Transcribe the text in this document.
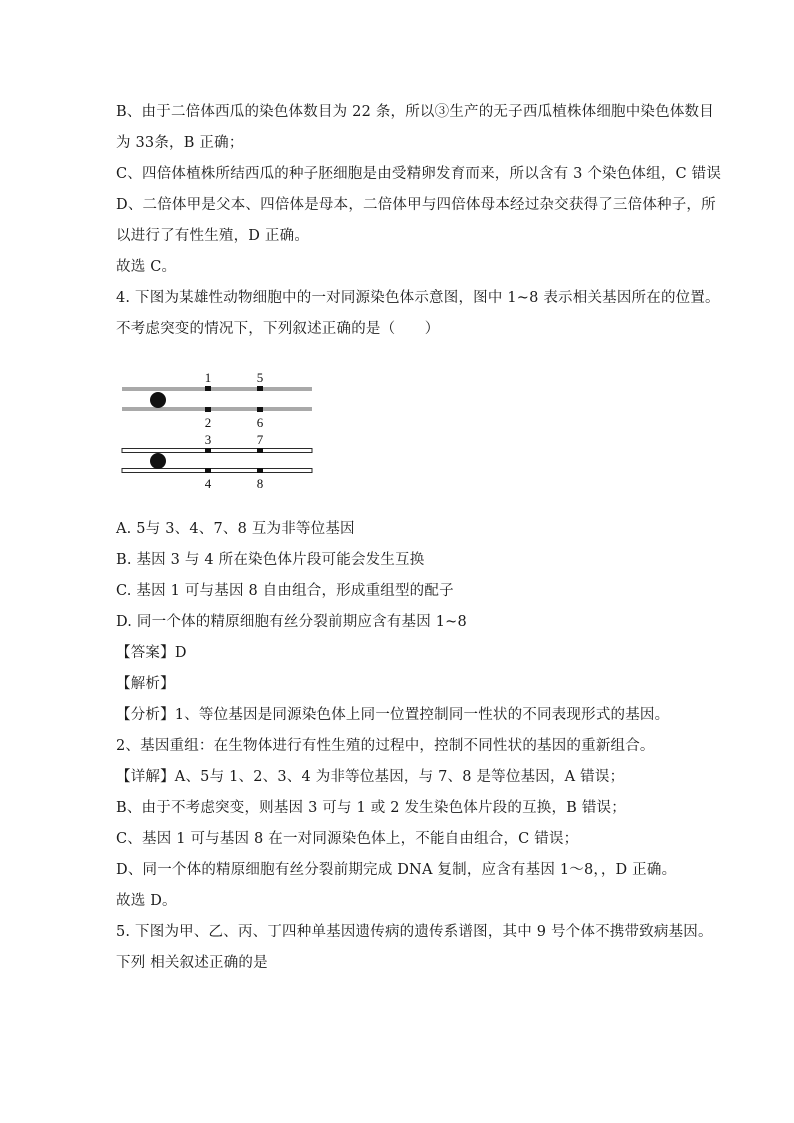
B、由于二倍体西瓜的染色体数目为 22 条，所以③生产的无子西瓜植株体细胞中染色体数目
为 33条，B 正确；
C、四倍体植株所结西瓜的种子胚细胞是由受精卵发育而来，所以含有 3 个染色体组，C 错误
D、二倍体甲是父本、四倍体是母本，二倍体甲与四倍体母本经过杂交获得了三倍体种子，所
以进行了有性生殖，D 正确。
故选 C。
4. 下图为某雄性动物细胞中的一对同源染色体示意图，图中 1~8 表示相关基因所在的位置。
不考虑突变的情况下，下列叙述正确的是（　　）
1	5
2	6
3	7
4	8
A. 5与 3、4、7、8 互为非等位基因
B. 基因 3 与 4 所在染色体片段可能会发生互换
C. 基因 1 可与基因 8 自由组合，形成重组型的配子
D. 同一个体的精原细胞有丝分裂前期应含有基因 1~8
【答案】D
【解析】
【分析】1、等位基因是同源染色体上同一位置控制同一性状的不同表现形式的基因。
2、基因重组：在生物体进行有性生殖的过程中，控制不同性状的基因的重新组合。
【详解】A、5与 1、2、3、4 为非等位基因，与 7、8 是等位基因，A 错误；
B、由于不考虑突变，则基因 3 可与 1 或 2 发生染色体片段的互换，B 错误；
C、基因 1 可与基因 8 在一对同源染色体上，不能自由组合，C 错误；
D、同一个体的精原细胞有丝分裂前期完成 DNA 复制，应含有基因 1～8，，D 正确。
故选 D。
5. 下图为甲、乙、丙、丁四种单基因遗传病的遗传系谱图，其中 9 号个体不携带致病基因。
下列 相关叙述正确的是
